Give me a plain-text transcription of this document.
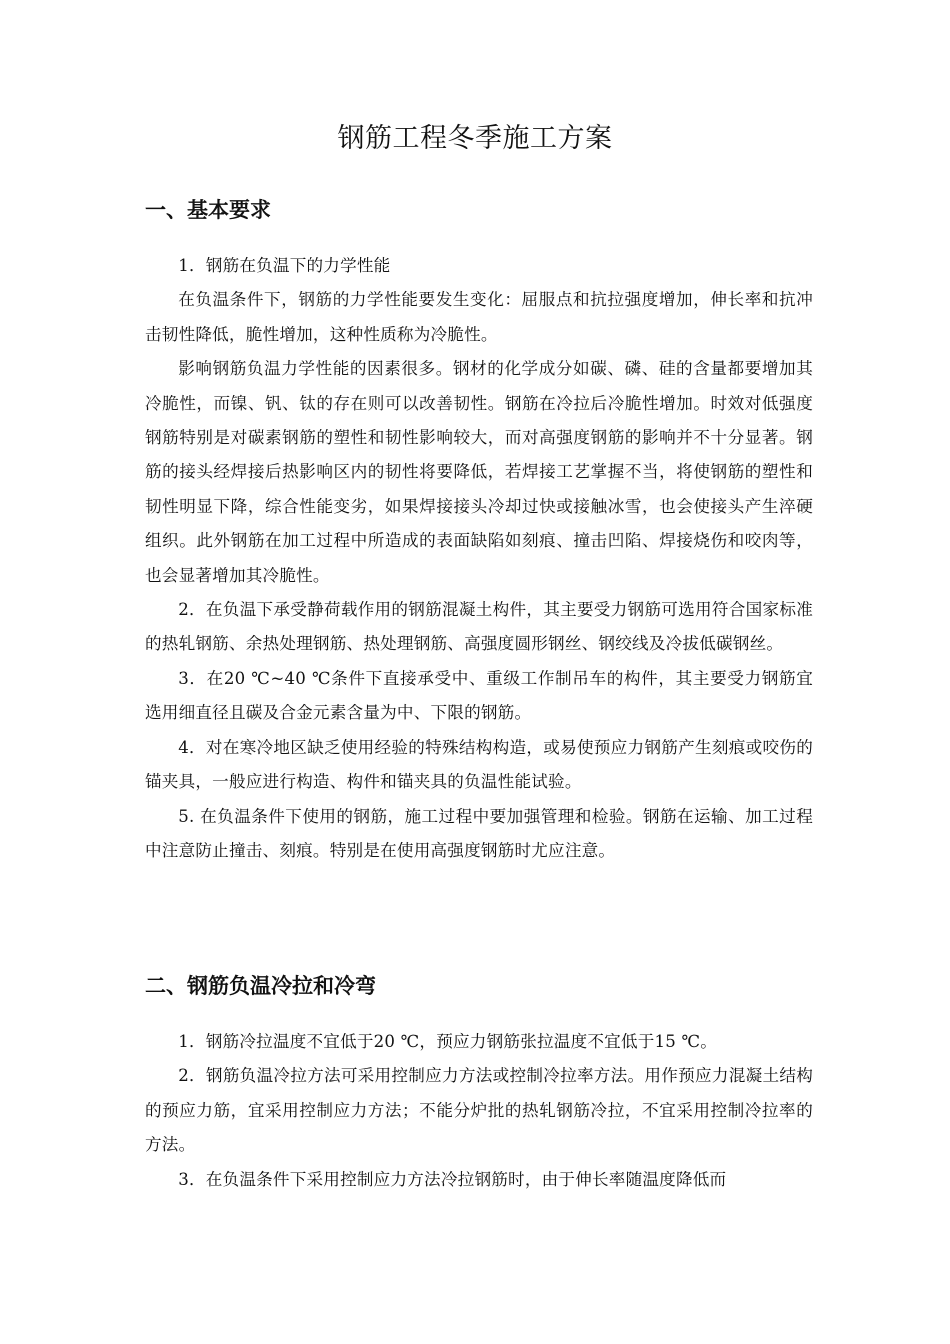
钢筋工程冬季施工方案
一、基本要求

1．钢筋在负温下的力学性能

在负温条件下，钢筋的力学性能要发生变化：屈服点和抗拉强度增加，伸长率和抗冲击韧性降低，脆性增加，这种性质称为冷脆性。

影响钢筋负温力学性能的因素很多。钢材的化学成分如碳、磷、硅的含量都要增加其冷脆性，而镍、钒、钛的存在则可以改善韧性。钢筋在冷拉后冷脆性增加。时效对低强度钢筋特别是对碳素钢筋的塑性和韧性影响较大，而对高强度钢筋的影响并不十分显著。钢筋的接头经焊接后热影响区内的韧性将要降低，若焊接工艺掌握不当，将使钢筋的塑性和韧性明显下降，综合性能变劣，如果焊接接头冷却过快或接触冰雪，也会使接头产生淬硬组织。此外钢筋在加工过程中所造成的表面缺陷如刻痕、撞击凹陷、焊接烧伤和咬肉等，也会显著增加其冷脆性。

2．在负温下承受静荷载作用的钢筋混凝土构件，其主要受力钢筋可选用符合国家标准的热轧钢筋、余热处理钢筋、热处理钢筋、高强度圆形钢丝、钢绞线及冷拔低碳钢丝。

3．在20 ℃~40 ℃条件下直接承受中、重级工作制吊车的构件，其主要受力钢筋宜选用细直径且碳及合金元素含量为中、下限的钢筋。

4．对在寒冷地区缺乏使用经验的特殊结构构造，或易使预应力钢筋产生刻痕或咬伤的锚夹具，一般应进行构造、构件和锚夹具的负温性能试验。

5. 在负温条件下使用的钢筋，施工过程中要加强管理和检验。钢筋在运输、加工过程中注意防止撞击、刻痕。特别是在使用高强度钢筋时尤应注意。

二、钢筋负温冷拉和冷弯

1．钢筋冷拉温度不宜低于20 ℃，预应力钢筋张拉温度不宜低于15 ℃。

2．钢筋负温冷拉方法可采用控制应力方法或控制冷拉率方法。用作预应力混凝土结构的预应力筋，宜采用控制应力方法；不能分炉批的热轧钢筋冷拉，不宜采用控制冷拉率的方法。

3．在负温条件下采用控制应力方法冷拉钢筋时，由于伸长率随温度降低而
